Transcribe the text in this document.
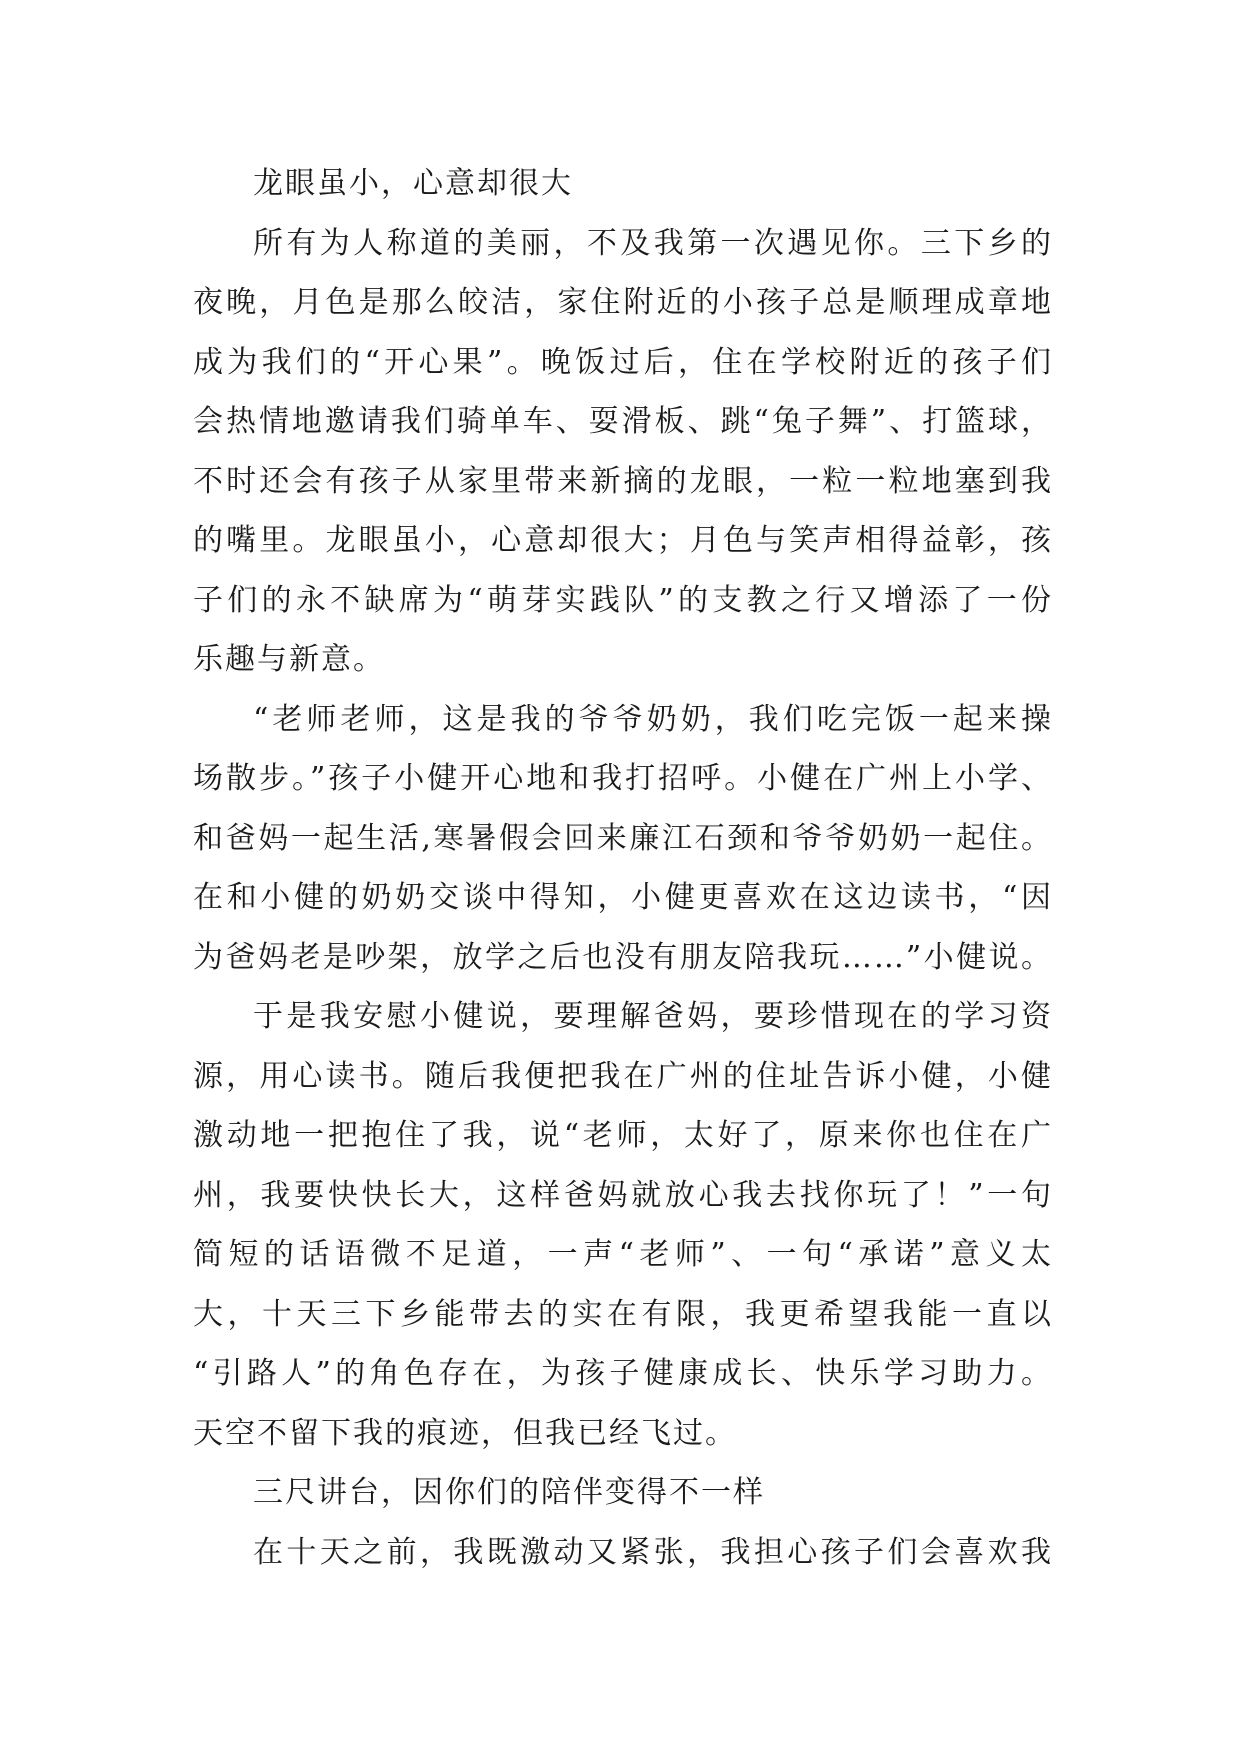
龙眼虽小，心意却很大
所有为人称道的美丽，不及我第一次遇见你。三下乡的
夜晚，月色是那么皎洁，家住附近的小孩子总是顺理成章地
成为我们的“开心果”。晚饭过后，住在学校附近的孩子们
会热情地邀请我们骑单车、耍滑板、跳“兔子舞”、打篮球，
不时还会有孩子从家里带来新摘的龙眼，一粒一粒地塞到我
的嘴里。龙眼虽小，心意却很大；月色与笑声相得益彰，孩
子们的永不缺席为“萌芽实践队”的支教之行又增添了一份
乐趣与新意。
“老师老师，这是我的爷爷奶奶，我们吃完饭一起来操
场散步。”孩子小健开心地和我打招呼。小健在广州上小学、
和爸妈一起生活,寒暑假会回来廉江石颈和爷爷奶奶一起住。
在和小健的奶奶交谈中得知，小健更喜欢在这边读书，“因
为爸妈老是吵架，放学之后也没有朋友陪我玩……”小健说。
于是我安慰小健说，要理解爸妈，要珍惜现在的学习资
源，用心读书。随后我便把我在广州的住址告诉小健，小健
激动地一把抱住了我，说“老师，太好了，原来你也住在广
州，我要快快长大，这样爸妈就放心我去找你玩了！”一句
简短的话语微不足道，一声“老师”、一句“承诺”意义太
大，十天三下乡能带去的实在有限，我更希望我能一直以
“引路人”的角色存在，为孩子健康成长、快乐学习助力。
天空不留下我的痕迹，但我已经飞过。
三尺讲台，因你们的陪伴变得不一样
在十天之前，我既激动又紧张，我担心孩子们会喜欢我
